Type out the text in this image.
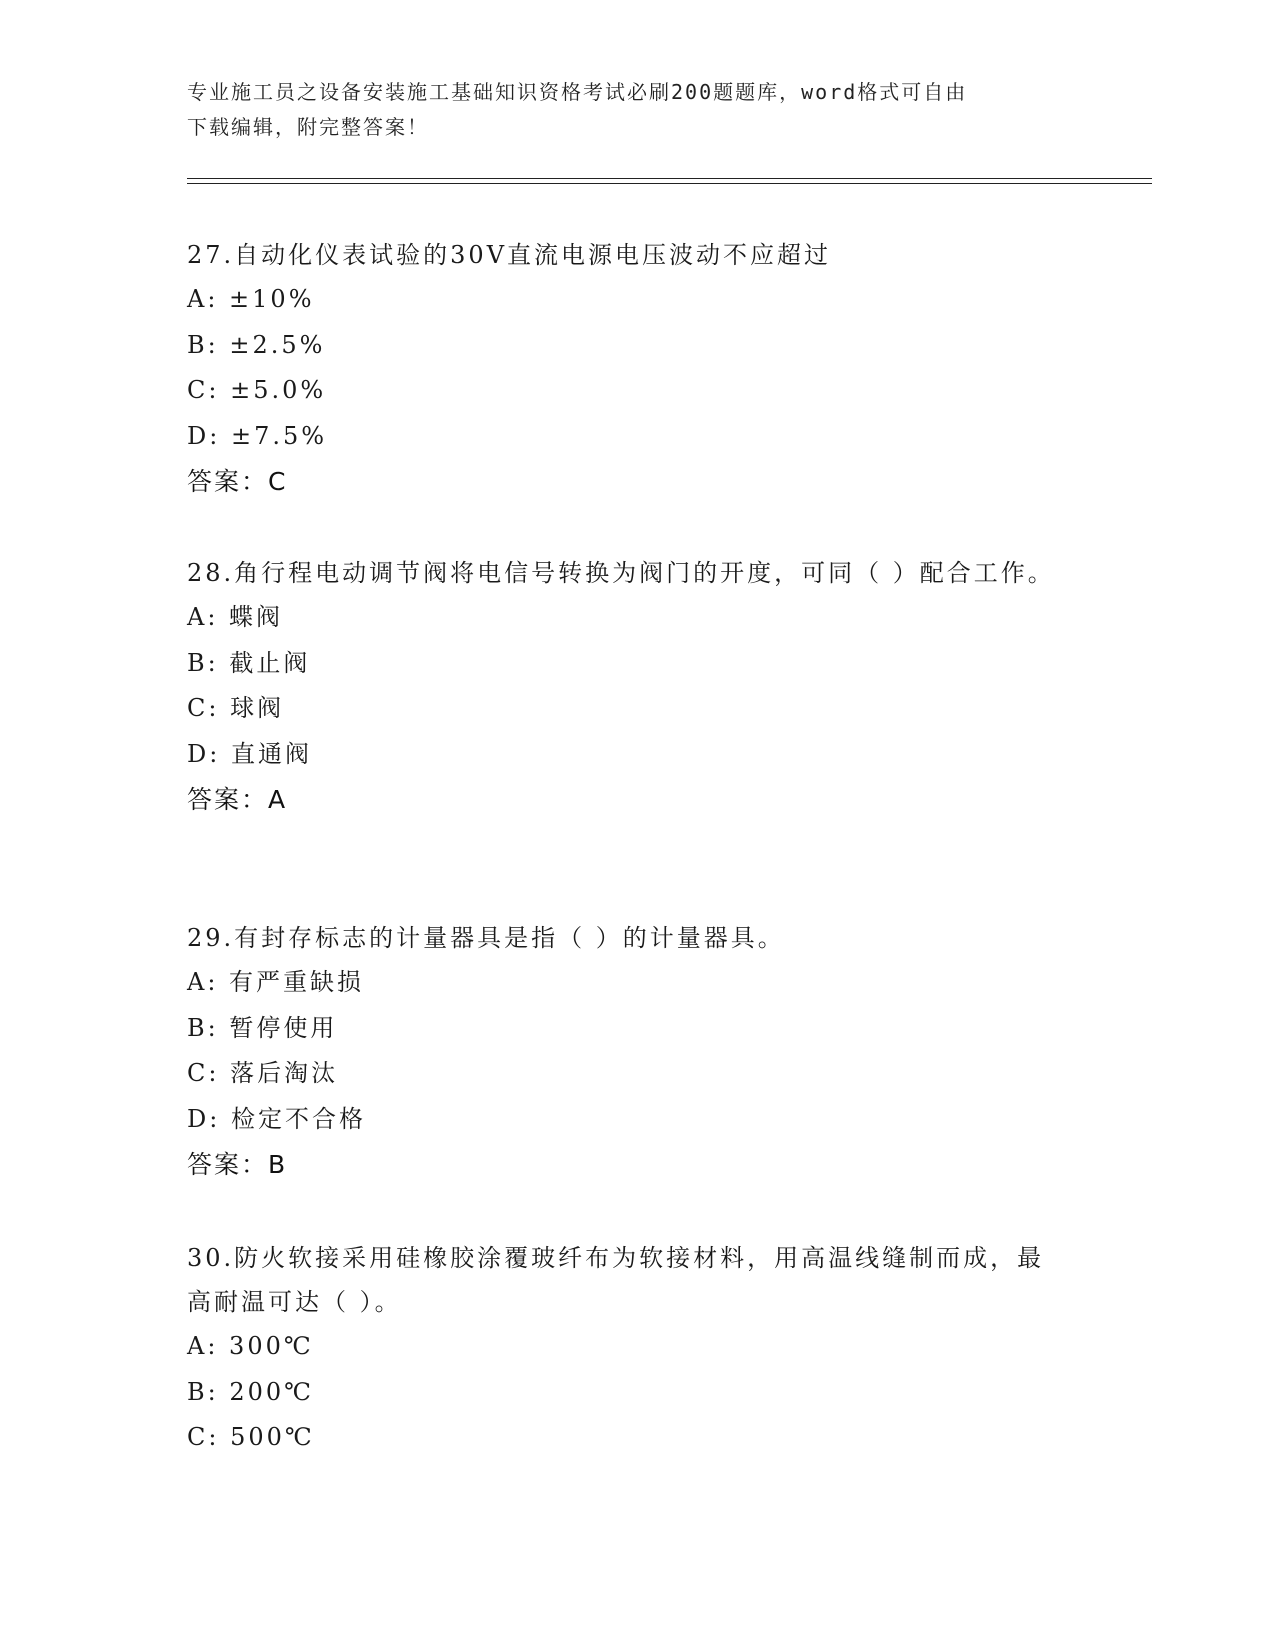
专业施工员之设备安装施工基础知识资格考试必刷200题题库，word格式可自由
下载编辑，附完整答案！

27.自动化仪表试验的30V直流电源电压波动不应超过

A: ±10%

B: ±2.5%

C: ±5.0%

D: ±7.5%

答案：C

28.角行程电动调节阀将电信号转换为阀门的开度，可同（ ）配合工作。

A: 蝶阀

B: 截止阀

C: 球阀

D: 直通阀

答案：A

29.有封存标志的计量器具是指（ ）的计量器具。

A: 有严重缺损

B: 暂停使用

C: 落后淘汰

D: 检定不合格

答案：B

30.防火软接采用硅橡胶涂覆玻纤布为软接材料，用高温线缝制而成，最高耐温可达（ ）。

A: 300℃

B: 200℃

C: 500℃
